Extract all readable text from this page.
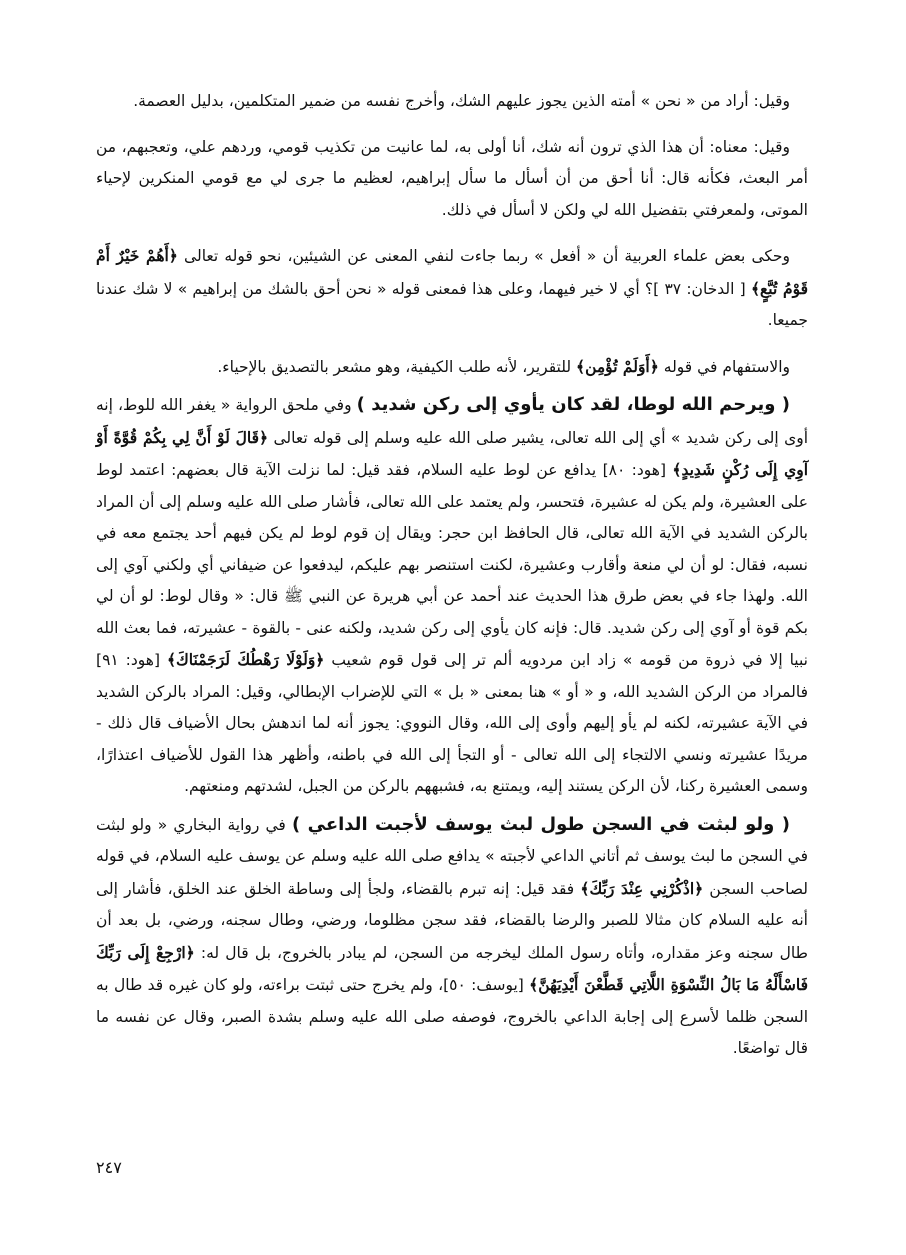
وقيل: أراد من « نحن » أمته الذين يجوز عليهم الشك، وأخرج نفسه من ضمير المتكلمين، بدليل العصمة.

وقيل: معناه: أن هذا الذي ترون أنه شك، أنا أولى به، لما عانيت من تكذيب قومي، وردهم علي، وتعجبهم، من أمر البعث، فكأنه قال: أنا أحق من أن أسأل ما سأل إبراهيم، لعظيم ما جرى لي مع قومي المنكرين لإحياء الموتى، ولمعرفتي بتفضيل الله لي ولكن لا أسأل في ذلك.

وحكى بعض علماء العربية أن « أفعل » ربما جاءت لنفي المعنى عن الشيئين، نحو قوله تعالى ﴿أَهُمْ خَيْرٌ أَمْ قَوْمُ تُبَّعٍ﴾ [ الدخان: ٣٧ ]؟ أي لا خير فيهما، وعلى هذا فمعنى قوله « نحن أحق بالشك من إبراهيم » لا شك عندنا جميعا.

والاستفهام في قوله ﴿أَوَلَمْ تُؤْمِن﴾ للتقرير، لأنه طلب الكيفية، وهو مشعر بالتصديق بالإحياء.

( ويرحم الله لوطا، لقد كان يأوي إلى ركن شديد ) وفي ملحق الرواية « يغفر الله للوط، إنه أوى إلى ركن شديد » أي إلى الله تعالى، يشير صلى الله عليه وسلم إلى قوله تعالى ﴿قَالَ لَوْ أَنَّ لِي بِكُمْ قُوَّةً أَوْ آوِي إِلَى رُكْنٍ شَدِيدٍ﴾ [هود: ٨٠] يدافع عن لوط عليه السلام، فقد قيل: لما نزلت الآية قال بعضهم: اعتمد لوط على العشيرة، ولم يكن له عشيرة، فتحسر، ولم يعتمد على الله تعالى، فأشار صلى الله عليه وسلم إلى أن المراد بالركن الشديد في الآية الله تعالى، قال الحافظ ابن حجر: ويقال إن قوم لوط لم يكن فيهم أحد يجتمع معه في نسبه، فقال: لو أن لي منعة وأقارب وعشيرة، لكنت استنصر بهم عليكم، ليدفعوا عن ضيفاني أي ولكني آوي إلى الله. ولهذا جاء في بعض طرق هذا الحديث عند أحمد عن أبي هريرة عن النبي ﷺ قال: « وقال لوط: لو أن لي بكم قوة أو آوي إلى ركن شديد. قال: فإنه كان يأوي إلى ركن شديد، ولكنه عنى - بالقوة - عشيرته، فما بعث الله نبيا إلا في ذروة من قومه » زاد ابن مردويه ألم تر إلى قول قوم شعيب ﴿وَلَوْلَا رَهْطُكَ لَرَجَمْنَاكَ﴾ [هود: ٩١] فالمراد من الركن الشديد الله، و « أو » هنا بمعنى « بل » التي للإضراب الإبطالي، وقيل: المراد بالركن الشديد في الآية عشيرته، لكنه لم يأو إليهم وأوى إلى الله، وقال النووي: يجوز أنه لما اندهش بحال الأضياف قال ذلك - مريدًا عشيرته ونسي الالتجاء إلى الله تعالى - أو التجأ إلى الله في باطنه، وأظهر هذا القول للأضياف اعتذارًا، وسمى العشيرة ركنا، لأن الركن يستند إليه، ويمتنع به، فشبههم بالركن من الجبل، لشدتهم ومنعتهم.

( ولو لبثت في السجن طول لبث يوسف لأجبت الداعي ) في رواية البخاري « ولو لبثت في السجن ما لبث يوسف ثم أتاني الداعي لأجبته » يدافع صلى الله عليه وسلم عن يوسف عليه السلام، في قوله لصاحب السجن ﴿اذْكُرْنِي عِنْدَ رَبِّكَ﴾ فقد قيل: إنه تبرم بالقضاء، ولجأ إلى وساطة الخلق عند الخلق، فأشار إلى أنه عليه السلام كان مثالا للصبر والرضا بالقضاء، فقد سجن مظلوما، ورضي، وطال سجنه، ورضي، بل بعد أن طال سجنه وعز مقداره، وأتاه رسول الملك ليخرجه من السجن، لم يبادر بالخروج، بل قال له: ﴿ارْجِعْ إِلَى رَبِّكَ فَاسْأَلْهُ مَا بَالُ النِّسْوَةِ اللَّاتِي قَطَّعْنَ أَيْدِيَهُنَّ﴾ [يوسف: ٥٠]، ولم يخرج حتى ثبتت براءته، ولو كان غيره قد طال به السجن ظلما لأسرع إلى إجابة الداعي بالخروج، فوصفه صلى الله عليه وسلم بشدة الصبر، وقال عن نفسه ما قال تواضعًا.

٢٤٧
